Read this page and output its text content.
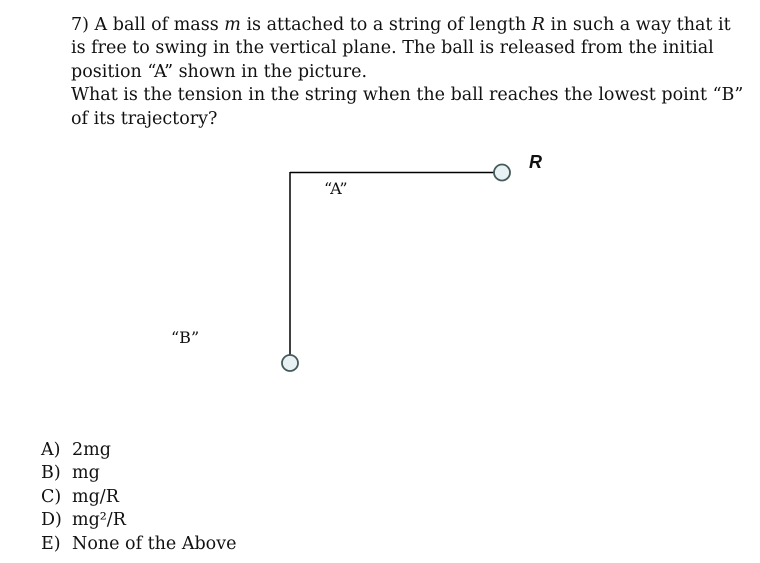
7) A ball of mass m is attached to a string of length R in such a way that it is free to swing in the vertical plane. The ball is released from the initial position “A” shown in the picture.

What is the tension in the string when the ball reaches the lowest point “B” of its trajectory?

“A”
“B”
R
A) 2mg
B) mg
C) mg/R
D) mg²/R
E) None of the Above
